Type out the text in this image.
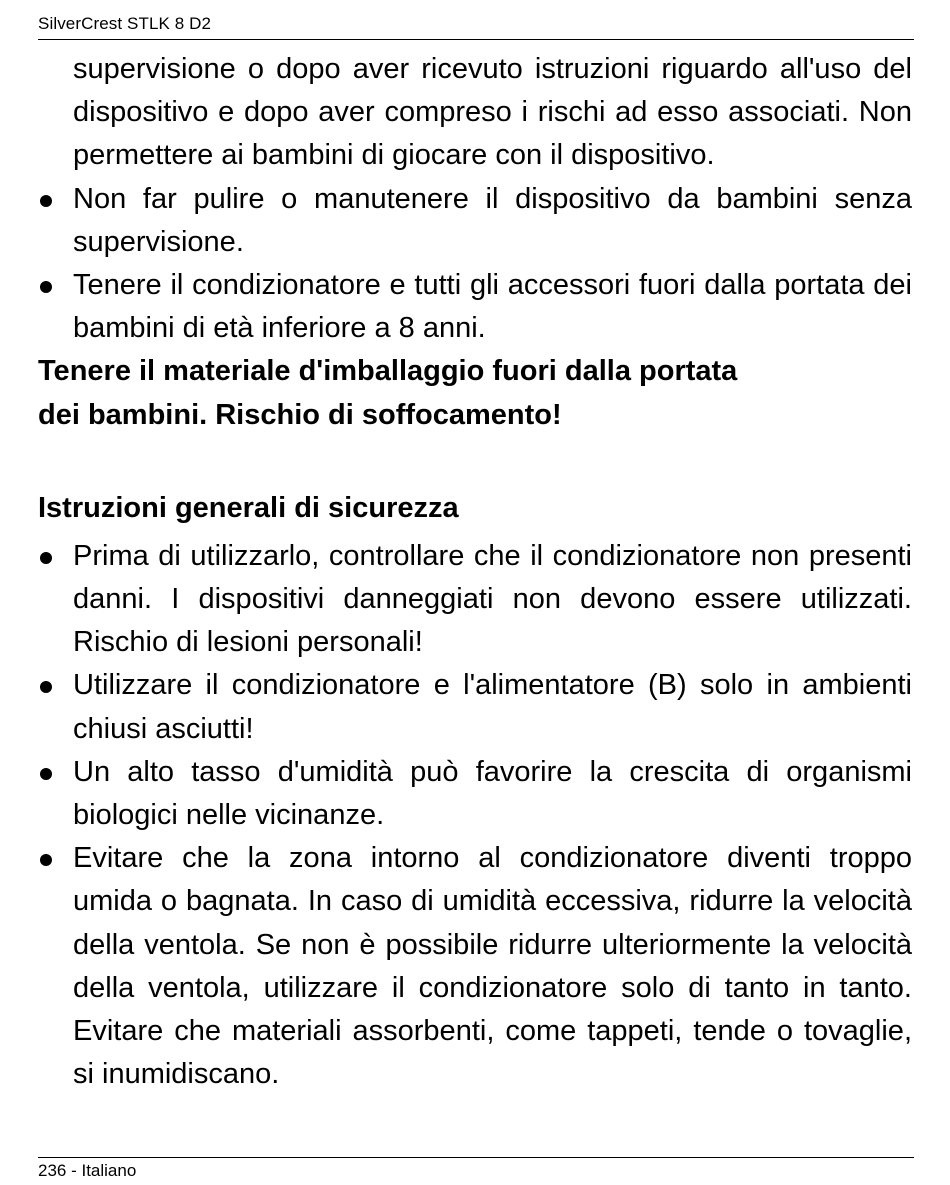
SilverCrest STLK 8 D2

supervisione o dopo aver ricevuto istruzioni riguardo all'uso del dispositivo e dopo aver compreso i rischi ad esso associati. Non permettere ai bambini di giocare con il dispositivo.

Non far pulire o manutenere il dispositivo da bambini senza supervisione.
Tenere il condizionatore e tutti gli accessori fuori dalla portata dei bambini di età inferiore a 8 anni.

Tenere il materiale d'imballaggio fuori dalla portata
dei bambini. Rischio di soffocamento!

Istruzioni generali di sicurezza
Prima di utilizzarlo, controllare che il condizionatore non presenti danni. I dispositivi danneggiati non devono essere utilizzati. Rischio di lesioni personali!
Utilizzare il condizionatore e l'alimentatore (B) solo in ambienti chiusi asciutti!
Un alto tasso d'umidità può favorire la crescita di organismi biologici nelle vicinanze.
Evitare che la zona intorno al condizionatore diventi troppo umida o bagnata. In caso di umidità eccessiva, ridurre la velocità della ventola. Se non è possibile ridurre ulteriormente la velocità della ventola, utilizzare il condizionatore solo di tanto in tanto. Evitare che materiali assorbenti, come tappeti, tende o tovaglie, si inumidiscano.
236 - Italiano
